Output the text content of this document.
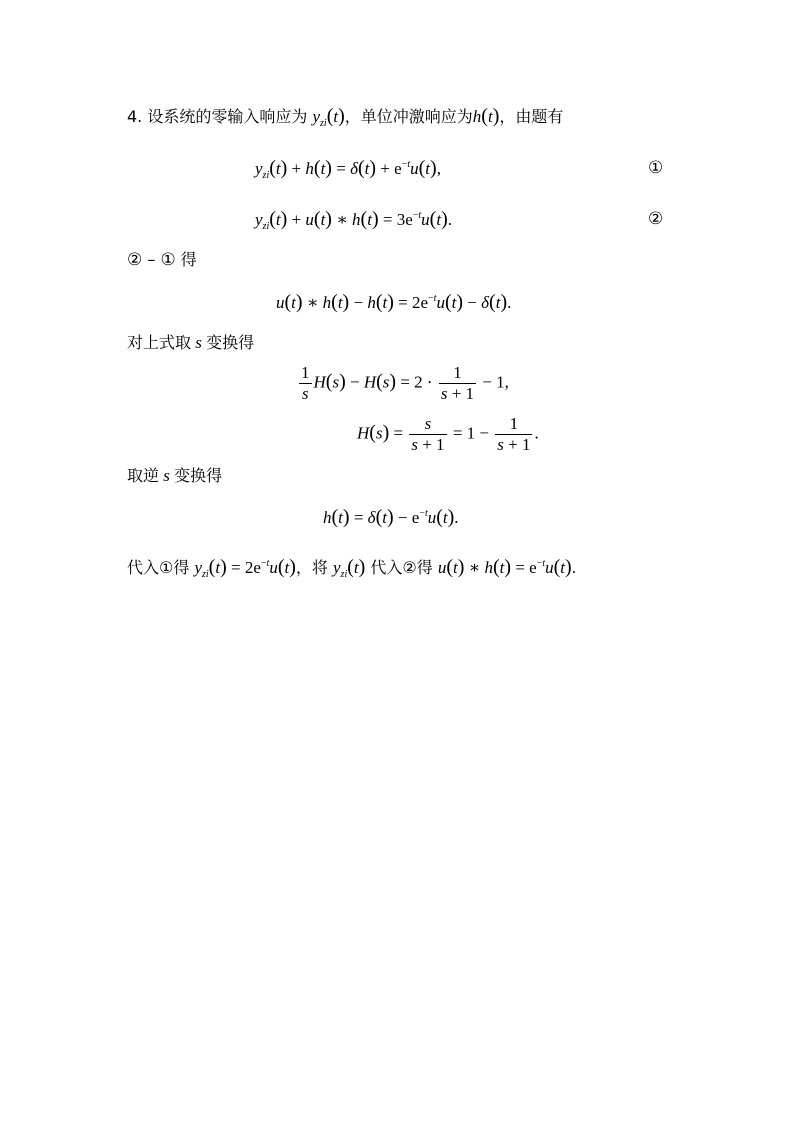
4. 设系统的零输入响应为 $y_{zi}(t)$，单位冲激响应为h(t)，由题有
$y_{zi}(t) + h(t) = \delta(t) + e^{-t}u(t)$,	①
$y_{zi}(t) + u(t)$ ∗ $h(t) = 3e^{-t}u(t)$.	②
② – ① 得
u(t) ∗ $h(t) - h(t) = 2e^{-t}u(t) - \delta(t)$.
对上式取 s 变换得
$\frac{1}{s} H(s) - H(s) = 2 \cdot \frac{1}{s + 1} - 1$,
$H(s) = \frac{s}{s + 1} = 1 - \frac{1}{s + 1}$ .
取逆 s 变换得
$h(t) = \delta(t) - e^{-t}u(t)$.
代入①得 $y_{zi}(t) = 2e^{-t}u(t)$，将 $y_{zi}(t)$ 代入②得 u(t) ∗ $h(t) = e^{-t}u(t)$.
